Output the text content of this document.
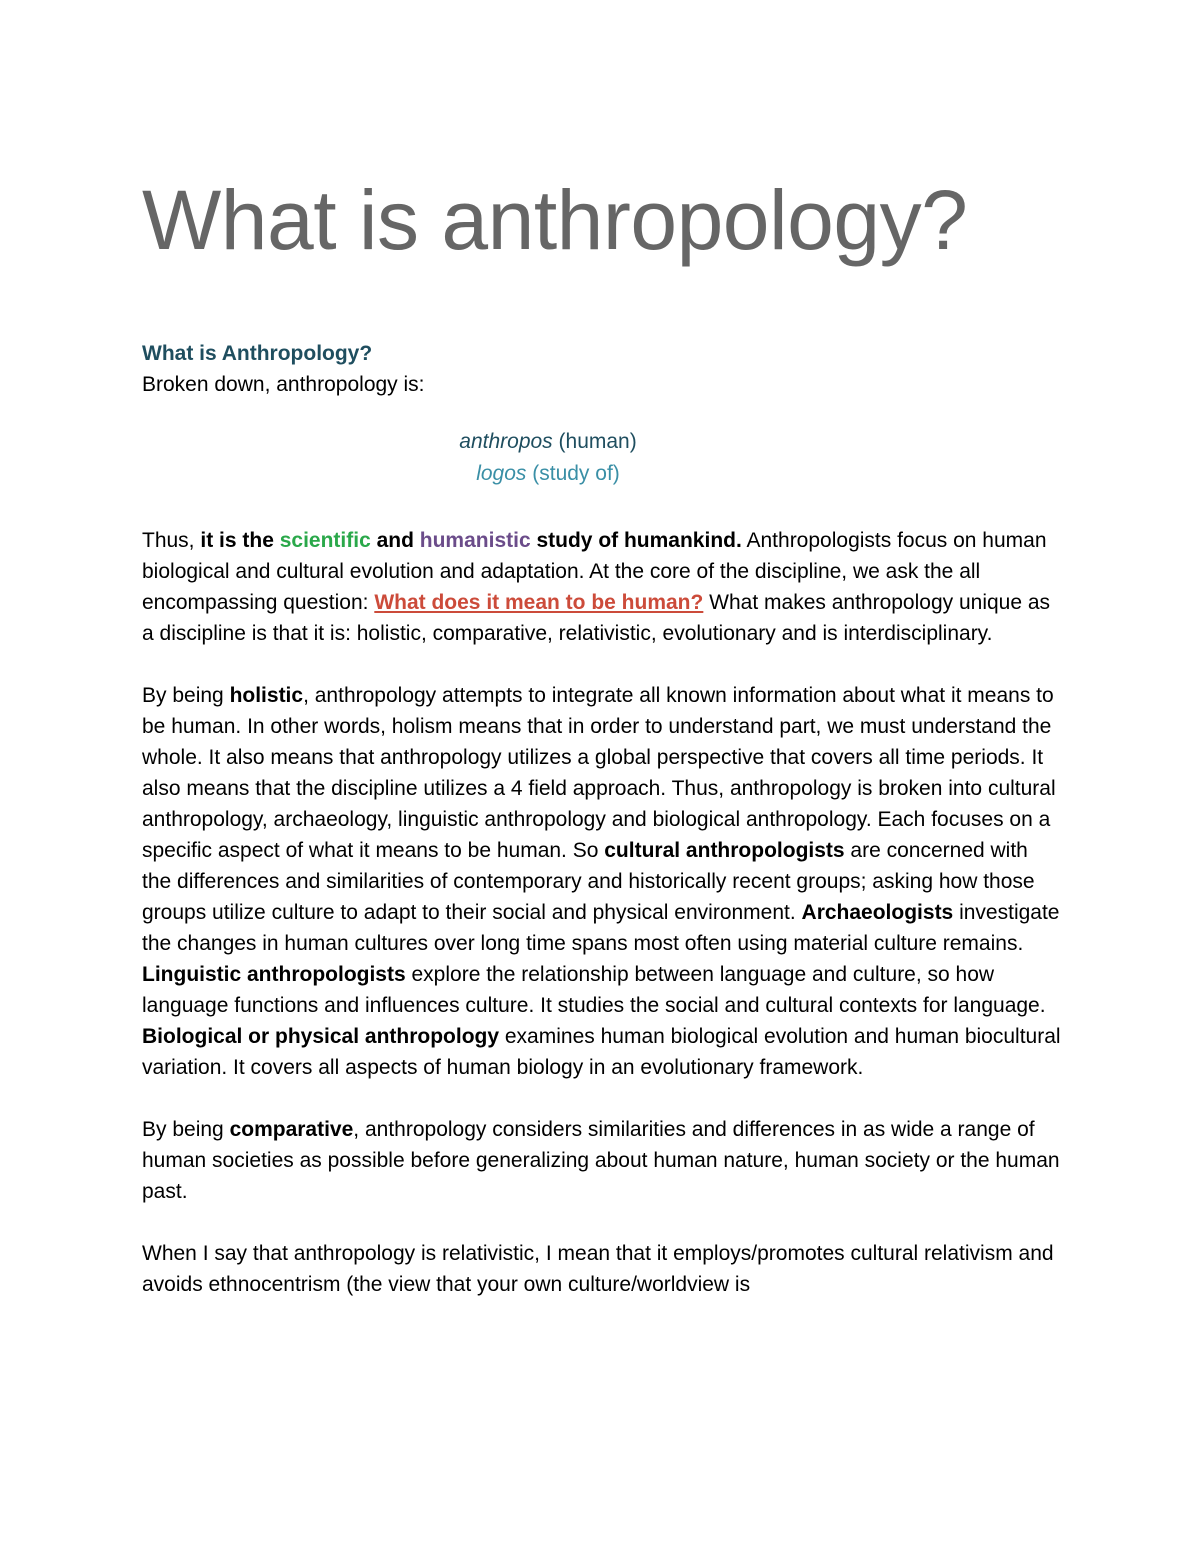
What is anthropology?
What is Anthropology?
Broken down, anthropology is:
anthropos (human)
logos (study of)

Thus, it is the scientific and humanistic study of humankind. Anthropologists focus on human biological and cultural evolution and adaptation. At the core of the discipline, we ask the all encompassing question: What does it mean to be human? What makes anthropology unique as a discipline is that it is: holistic, comparative, relativistic, evolutionary and is interdisciplinary.

By being holistic, anthropology attempts to integrate all known information about what it means to be human. In other words, holism means that in order to understand part, we must understand the whole. It also means that anthropology utilizes a global perspective that covers all time periods. It also means that the discipline utilizes a 4 field approach. Thus, anthropology is broken into cultural anthropology, archaeology, linguistic anthropology and biological anthropology. Each focuses on a specific aspect of what it means to be human. So cultural anthropologists are concerned with the differences and similarities of contemporary and historically recent groups; asking how those groups utilize culture to adapt to their social and physical environment. Archaeologists investigate the changes in human cultures over long time spans most often using material culture remains. Linguistic anthropologists explore the relationship between language and culture, so how language functions and influences culture. It studies the social and cultural contexts for language. Biological or physical anthropology examines human biological evolution and human biocultural variation. It covers all aspects of human biology in an evolutionary framework.

By being comparative, anthropology considers similarities and differences in as wide a range of human societies as possible before generalizing about human nature, human society or the human past.

When I say that anthropology is relativistic, I mean that it employs/promotes cultural relativism and avoids ethnocentrism (the view that your own culture/worldview is
